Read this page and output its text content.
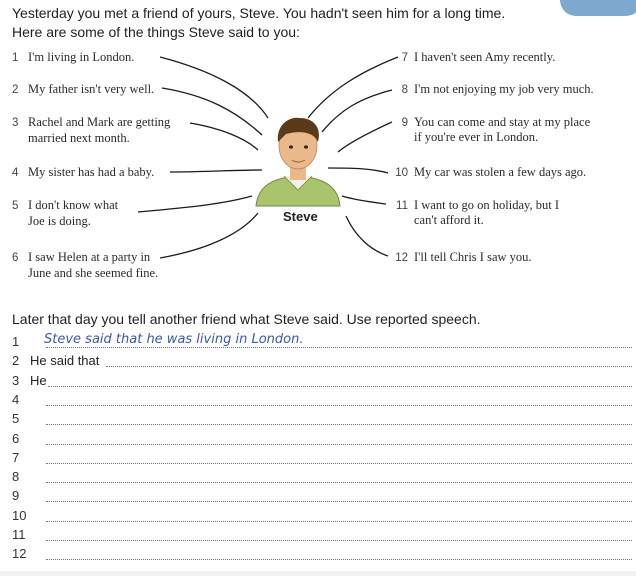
Yesterday you met a friend of yours, Steve. You hadn't seen him for a long time.
Here are some of the things Steve said to you:
Steve
1 I'm living in London.
2 My father isn't very well.
3 Rachel and Mark are getting
married next month.
4 My sister has had a baby.
5 I don't know what
Joe is doing.
6 I saw Helen at a party in
June and she seemed fine.
7 I haven't seen Amy recently.
8 I'm not enjoying my job very much.
9 You can come and stay at my place
if you're ever in London.
10 My car was stolen a few days ago.
11 I want to go on holiday, but I
can't afford it.
12 I'll tell Chris I saw you.
Later that day you tell another friend what Steve said. Use reported speech.
1	Steve said that he was living in London.
2 He said that
3 He
4
5
6
7
8
9
10
11
12
